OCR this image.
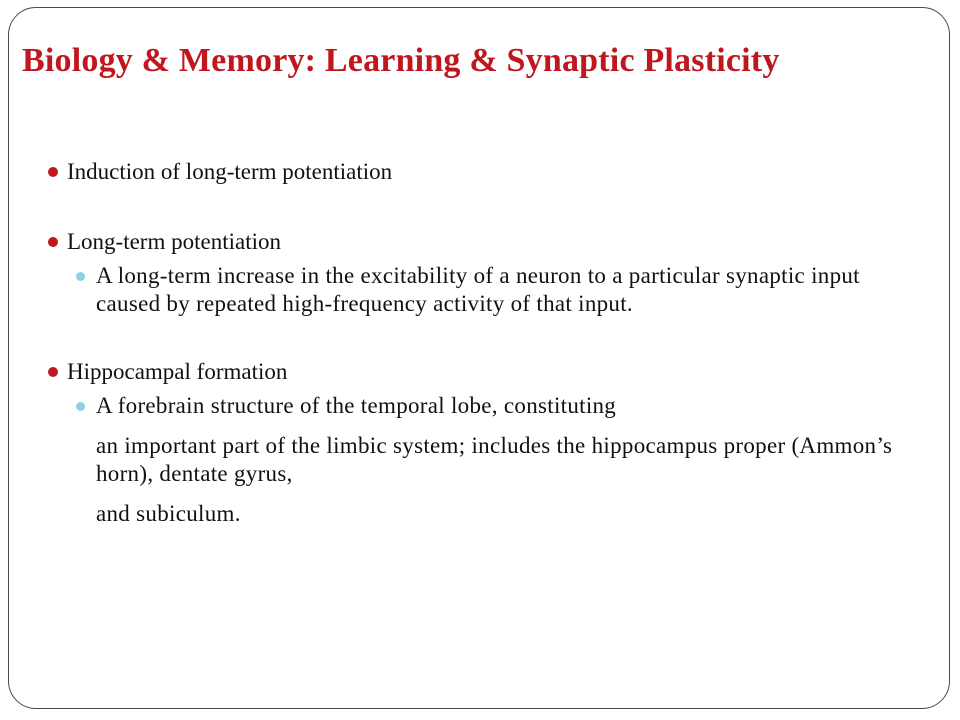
Biology & Memory: Learning & Synaptic Plasticity
Induction of long-term potentiation
Long-term potentiation
A long-term increase in the excitability of a neuron to a particular synaptic input caused by repeated high-frequency activity of that input.
Hippocampal formation
A forebrain structure of the temporal lobe, constituting
an important part of the limbic system; includes the hippocampus proper (Ammon’s horn), dentate gyrus,
and subiculum.
